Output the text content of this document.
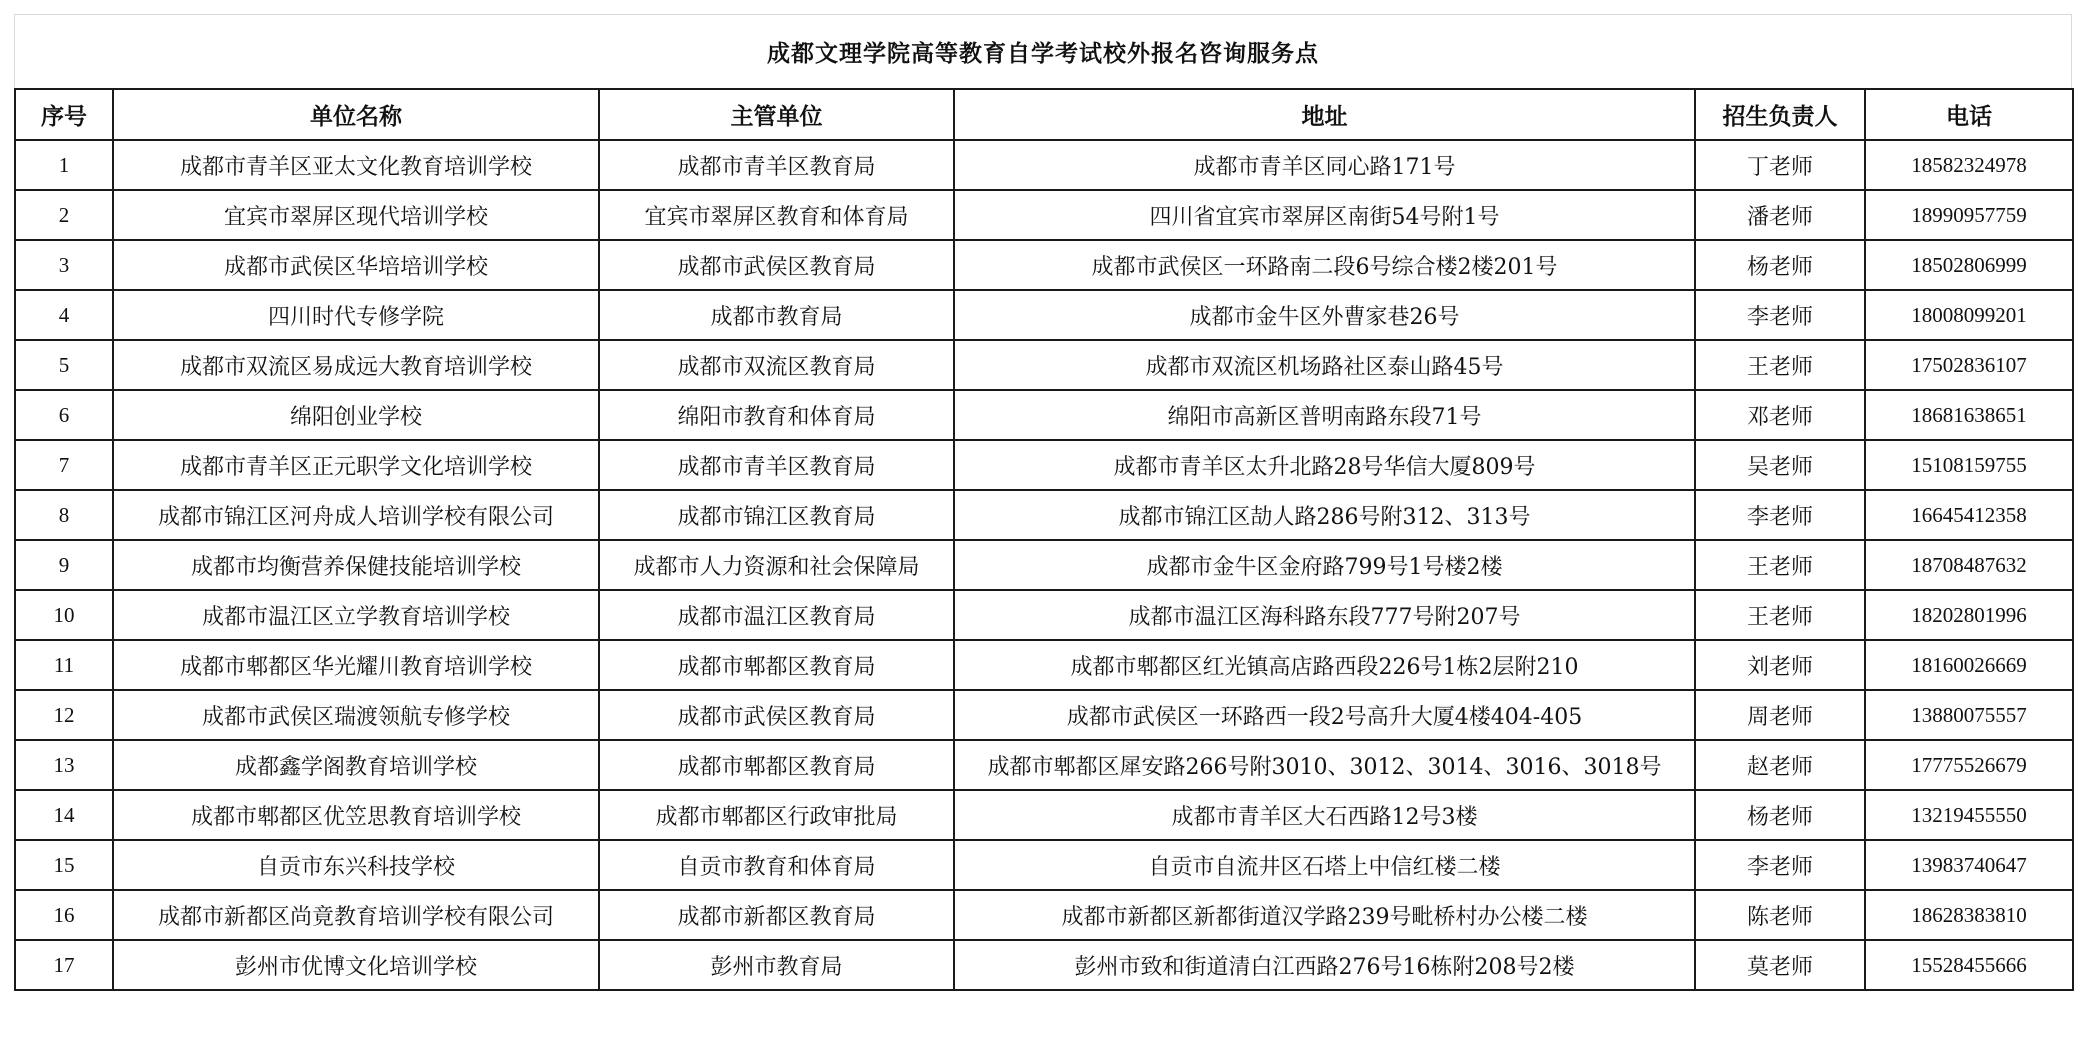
成都文理学院高等教育自学考试校外报名咨询服务点
序号	单位名称	主管单位	地址	招生负责人	电话
1	成都市青羊区亚太文化教育培训学校	成都市青羊区教育局	成都市青羊区同心路171号	丁老师	18582324978
2	宜宾市翠屏区现代培训学校	宜宾市翠屏区教育和体育局	四川省宜宾市翠屏区南街54号附1号	潘老师	18990957759
3	成都市武侯区华培培训学校	成都市武侯区教育局	成都市武侯区一环路南二段6号综合楼2楼201号	杨老师	18502806999
4	四川时代专修学院	成都市教育局	成都市金牛区外曹家巷26号	李老师	18008099201
5	成都市双流区易成远大教育培训学校	成都市双流区教育局	成都市双流区机场路社区泰山路45号	王老师	17502836107
6	绵阳创业学校	绵阳市教育和体育局	绵阳市高新区普明南路东段71号	邓老师	18681638651
7	成都市青羊区正元职学文化培训学校	成都市青羊区教育局	成都市青羊区太升北路28号华信大厦809号	吴老师	15108159755
8	成都市锦江区河舟成人培训学校有限公司	成都市锦江区教育局	成都市锦江区劼人路286号附312、313号	李老师	16645412358
9	成都市均衡营养保健技能培训学校	成都市人力资源和社会保障局	成都市金牛区金府路799号1号楼2楼	王老师	18708487632
10	成都市温江区立学教育培训学校	成都市温江区教育局	成都市温江区海科路东段777号附207号	王老师	18202801996
11	成都市郫都区华光耀川教育培训学校	成都市郫都区教育局	成都市郫都区红光镇高店路西段226号1栋2层附210	刘老师	18160026669
12	成都市武侯区瑞渡领航专修学校	成都市武侯区教育局	成都市武侯区一环路西一段2号高升大厦4楼404-405	周老师	13880075557
13	成都鑫学阁教育培训学校	成都市郫都区教育局	成都市郫都区犀安路266号附3010、3012、3014、3016、3018号	赵老师	17775526679
14	成都市郫都区优笠思教育培训学校	成都市郫都区行政审批局	成都市青羊区大石西路12号3楼	杨老师	13219455550
15	自贡市东兴科技学校	自贡市教育和体育局	自贡市自流井区石塔上中信红楼二楼	李老师	13983740647
16	成都市新都区尚竟教育培训学校有限公司	成都市新都区教育局	成都市新都区新都街道汉学路239号毗桥村办公楼二楼	陈老师	18628383810
17	彭州市优博文化培训学校	彭州市教育局	彭州市致和街道清白江西路276号16栋附208号2楼	莫老师	15528455666
